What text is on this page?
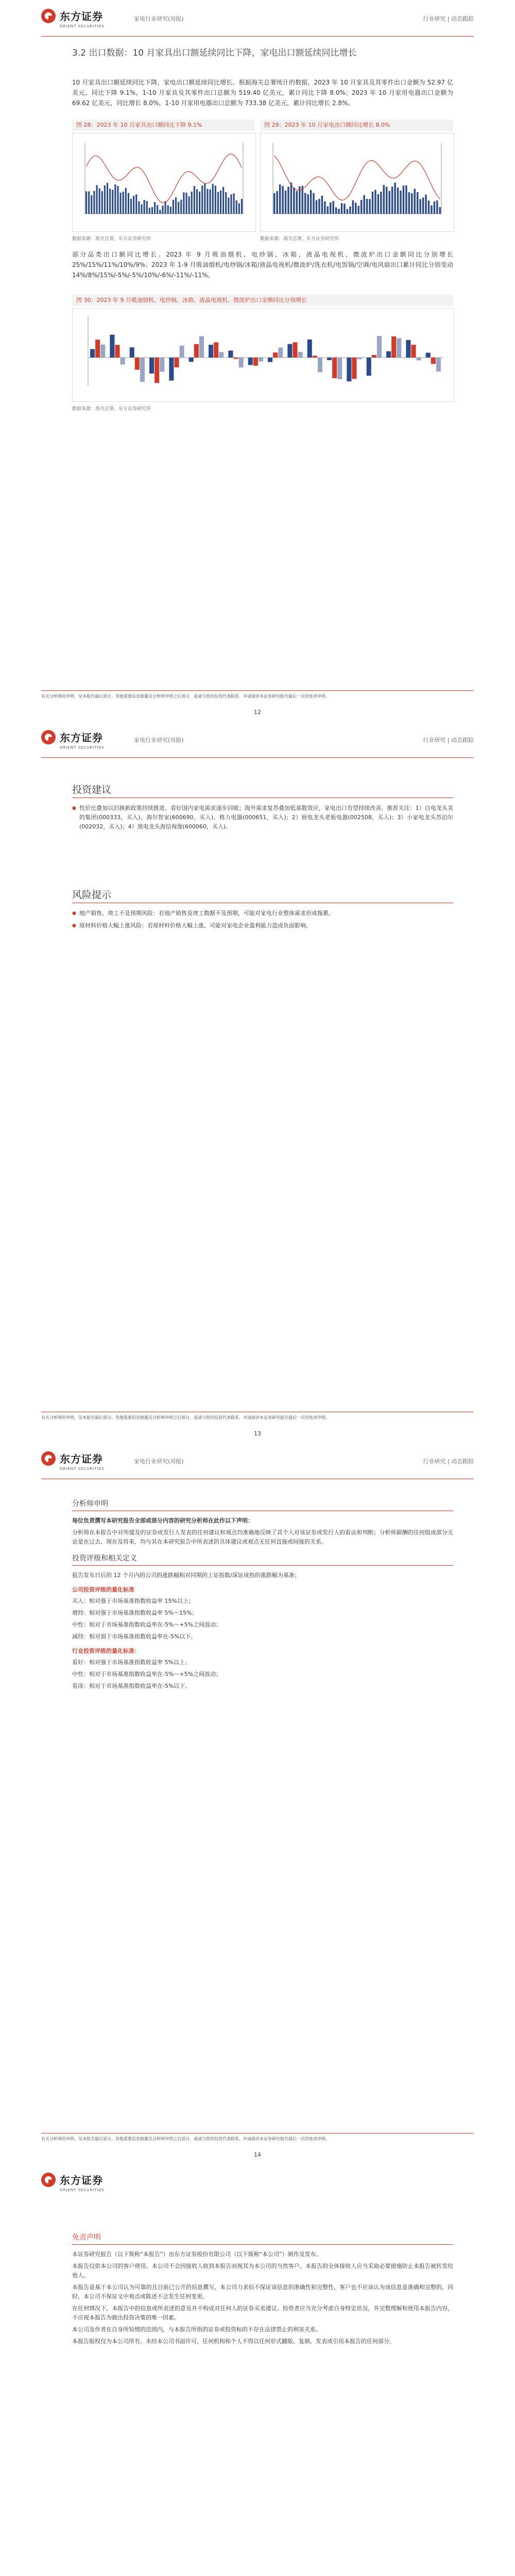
东方证券
ORIENT SECURITIES
家电行业研究(周报)	行业研究 | 动态跟踪
3.2 出口数据：10 月家具出口额延续同比下降，家电出口额延续同比增长
10 月家具出口额延续同比下降，家电出口额延续同比增长。根据海关总署统计的数据，2023 年 10 月家具及其零件出口金额为 52.97 亿美元，同比下降 9.1%，1-10 月家具及其零件出口总额为 519.40 亿美元，累计同比下降 8.0%；2023 年 10 月家用电器出口金额为 69.62 亿美元，同比增长 8.0%，1-10 月家用电器出口总额为 733.38 亿美元，累计同比增长 2.8%。
图 28：2023 年 10 月家具出口额同比下降 9.1%	图 29：2023 年 10 月家电出口额同比增长 8.0%
数据来源：海关总署，东方证券研究所	数据来源：海关总署，东方证券研究所
部分品类出口额同比增长。2023 年 9 月吸油烟机、电炒锅、冰箱、液晶电视机、微波炉出口金额同比分别增长 25%/15%/11%/10%/9%；2023 年 1-9 月吸油烟机/电炒锅/冰箱/液晶电视机/微波炉/洗衣机/电饭锅/空调/电风扇出口累计同比分别变动 14%/8%/15%/-5%/-5%/10%/-6%/-11%/-11%。
图 30：2023 年 9 月吸油烟机、电炒锅、冰箱、液晶电视机、微波炉出口金额同比分别增长
数据来源：海关总署，东方证券研究所
有关分析师的申明，见本报告最后部分。其他重要信息披露见分析师申明之后部分，或请与您的投资代表联系。并请阅读本证券研究报告最后一页的免责申明。
12
东方证券
ORIENT SECURITIES
家电行业研究(周报)	行业研究 | 动态跟踪
投资建议
● 性价比叠加以旧换新政策持续推进，看好国内家电需求逐步回暖；海外需求复苏叠加低基数效应，家电出口有望持续改善。推荐关注：1）白电龙头美的集团(000333，买入)、海尔智家(600690，买入)、格力电器(000651，买入)；2）厨电龙头老板电器(002508，买入)；3）小家电龙头苏泊尔(002032，买入)；4）黑电龙头海信视像(600060，买入)。
风险提示
● 地产销售、竣工不及预期风险：若地产销售及竣工数据不及预期，可能对家电行业整体需求形成拖累。
● 原材料价格大幅上涨风险：若原材料价格大幅上涨，可能对家电企业盈利能力造成负面影响。
有关分析师的申明，见本报告最后部分。其他重要信息披露见分析师申明之后部分，或请与您的投资代表联系。并请阅读本证券研究报告最后一页的免责申明。
13
东方证券
ORIENT SECURITIES
家电行业研究(周报)	行业研究 | 动态跟踪
分析师申明
每位负责撰写本研究报告全部或部分内容的研究分析师在此作以下声明：
分析师在本报告中对所提及的证券或发行人发表的任何建议和观点均准确地反映了其个人对该证券或发行人的看法和判断；分析师薪酬的任何组成部分无论是在过去、现在及将来，均与其在本研究报告中所表述的具体建议或观点无任何直接或间接的关系。
投资评级和相关定义
报告发布日后的 12 个月内的公司的涨跌幅相对同期的上证指数/深证成指的涨跌幅为基准；
公司投资评级的量化标准
买入：相对强于市场基准指数收益率 15%以上；
增持：相对强于市场基准指数收益率 5%～15%；
中性：相对于市场基准指数收益率在-5%～+5%之间波动；
减持：相对弱于市场基准指数收益率在-5%以下。
行业投资评级的量化标准：
看好：相对强于市场基准指数收益率 5%以上；
中性：相对于市场基准指数收益率在-5%～+5%之间波动；
看淡：相对于市场基准指数收益率在-5%以下。
有关分析师的申明，见本报告最后部分。其他重要信息披露见分析师申明之后部分，或请与您的投资代表联系。并请阅读本证券研究报告最后一页的免责申明。
14
东方证券
ORIENT SECURITIES
免责声明
本证券研究报告（以下简称“本报告”）由东方证券股份有限公司（以下简称“本公司”）制作及发布。
本报告仅供本公司的客户使用。本公司不会因接收人收到本报告而视其为本公司的当然客户。本报告的全体接收人应当采取必要措施防止本报告被转发给他人。
本报告是基于本公司认为可靠的且目前已公开的信息撰写，本公司力求但不保证该信息的准确性和完整性，客户也不应该认为该信息是准确和完整的。同时，本公司不保证文中观点或陈述不会发生任何变更。
在任何情况下，本报告中的信息或所表述的意见并不构成对任何人的证券买卖建议。投资者应当充分考虑自身特定状况，并完整理解和使用本报告内容，不应视本报告为做出投资决策的唯一因素。
本公司及作者在自身所知情的范围内，与本报告所指的证券或投资标的不存在法律禁止的利害关系。
本报告版权仅为本公司所有。未经本公司书面许可，任何机构和个人不得以任何形式翻版、复制、发表或引用本报告的任何部分。
